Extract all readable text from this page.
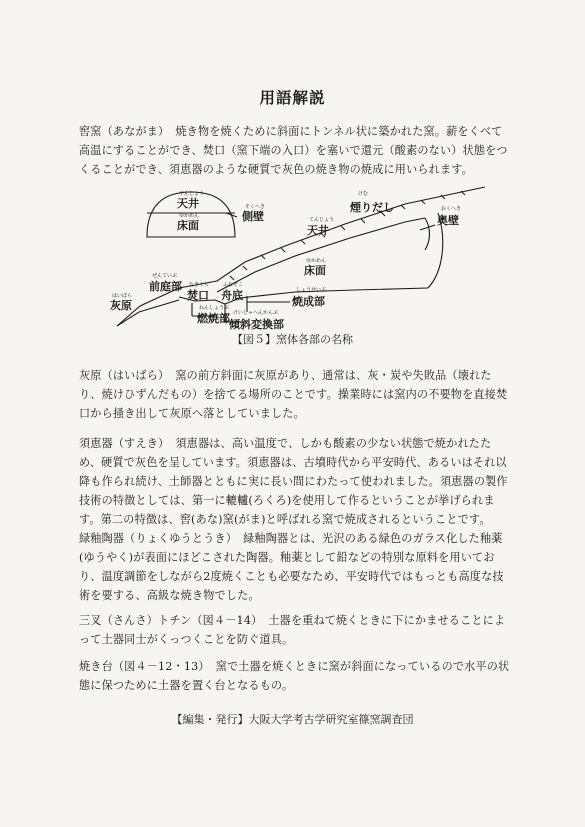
用語解説
窖窯（あながま） 焼き物を焼くために斜面にトンネル状に築かれた窯。薪をくべて高温にすることができ、焚口（窯下端の入口）を塞いで還元（酸素のない）状態をつくることができ、須恵器のような硬質で灰色の焼き物の焼成に用いられます。
てんじょう
天井
ゆかめん
床面
そくへき
側壁
けむ
煙りだし
てんじょう
天井
おくへき
奥壁
ゆかめん
床面
ぜんていぶ
前庭部
はいばら
灰原
たきぐち
焚口
ふなぞこ
舟底	しょうせいぶ
焼成部
ねんしょうぶ
燃焼部 けいしゃへんかんぶ
傾斜変換部
【図５】窯体各部の名称
灰原（はいばら） 窯の前方斜面に灰原があり、通常は、灰・炭や失敗品（壊れたり、焼けひずんだもの）を捨てる場所のことです。操業時には窯内の不要物を直接焚口から掻き出して灰原へ落としていました。
須恵器（すえき） 須恵器は、高い温度で、しかも酸素の少ない状態で焼かれたため、硬質で灰色を呈しています。須恵器は、古墳時代から平安時代、あるいはそれ以降も作られ続け、土師器とともに実に長い間にわたって使われました。須恵器の製作技術の特徴としては、第一に轆轤(ろくろ)を使用して作るということが挙げられます。第二の特徴は、窖(あな)窯(がま)と呼ばれる窯で焼成されるということです。
緑釉陶器（りょくゆうとうき） 緑釉陶器とは、光沢のある緑色のガラス化した釉薬(ゆうやく)が表面にほどこされた陶器。釉薬として鉛などの特別な原料を用いており、温度調節をしながら2度焼くことも必要なため、平安時代ではもっとも高度な技術を要する、高級な焼き物でした。
三叉（さんさ）トチン（図４－14） 土器を重ねて焼くときに下にかませることによって土器同士がくっつくことを防ぐ道具。
焼き台（図４－12・13） 窯で土器を焼くときに窯が斜面になっているので水平の状態に保つために土器を置く台となるもの。
【編集・発行】大阪大学考古学研究室篠窯調査団
